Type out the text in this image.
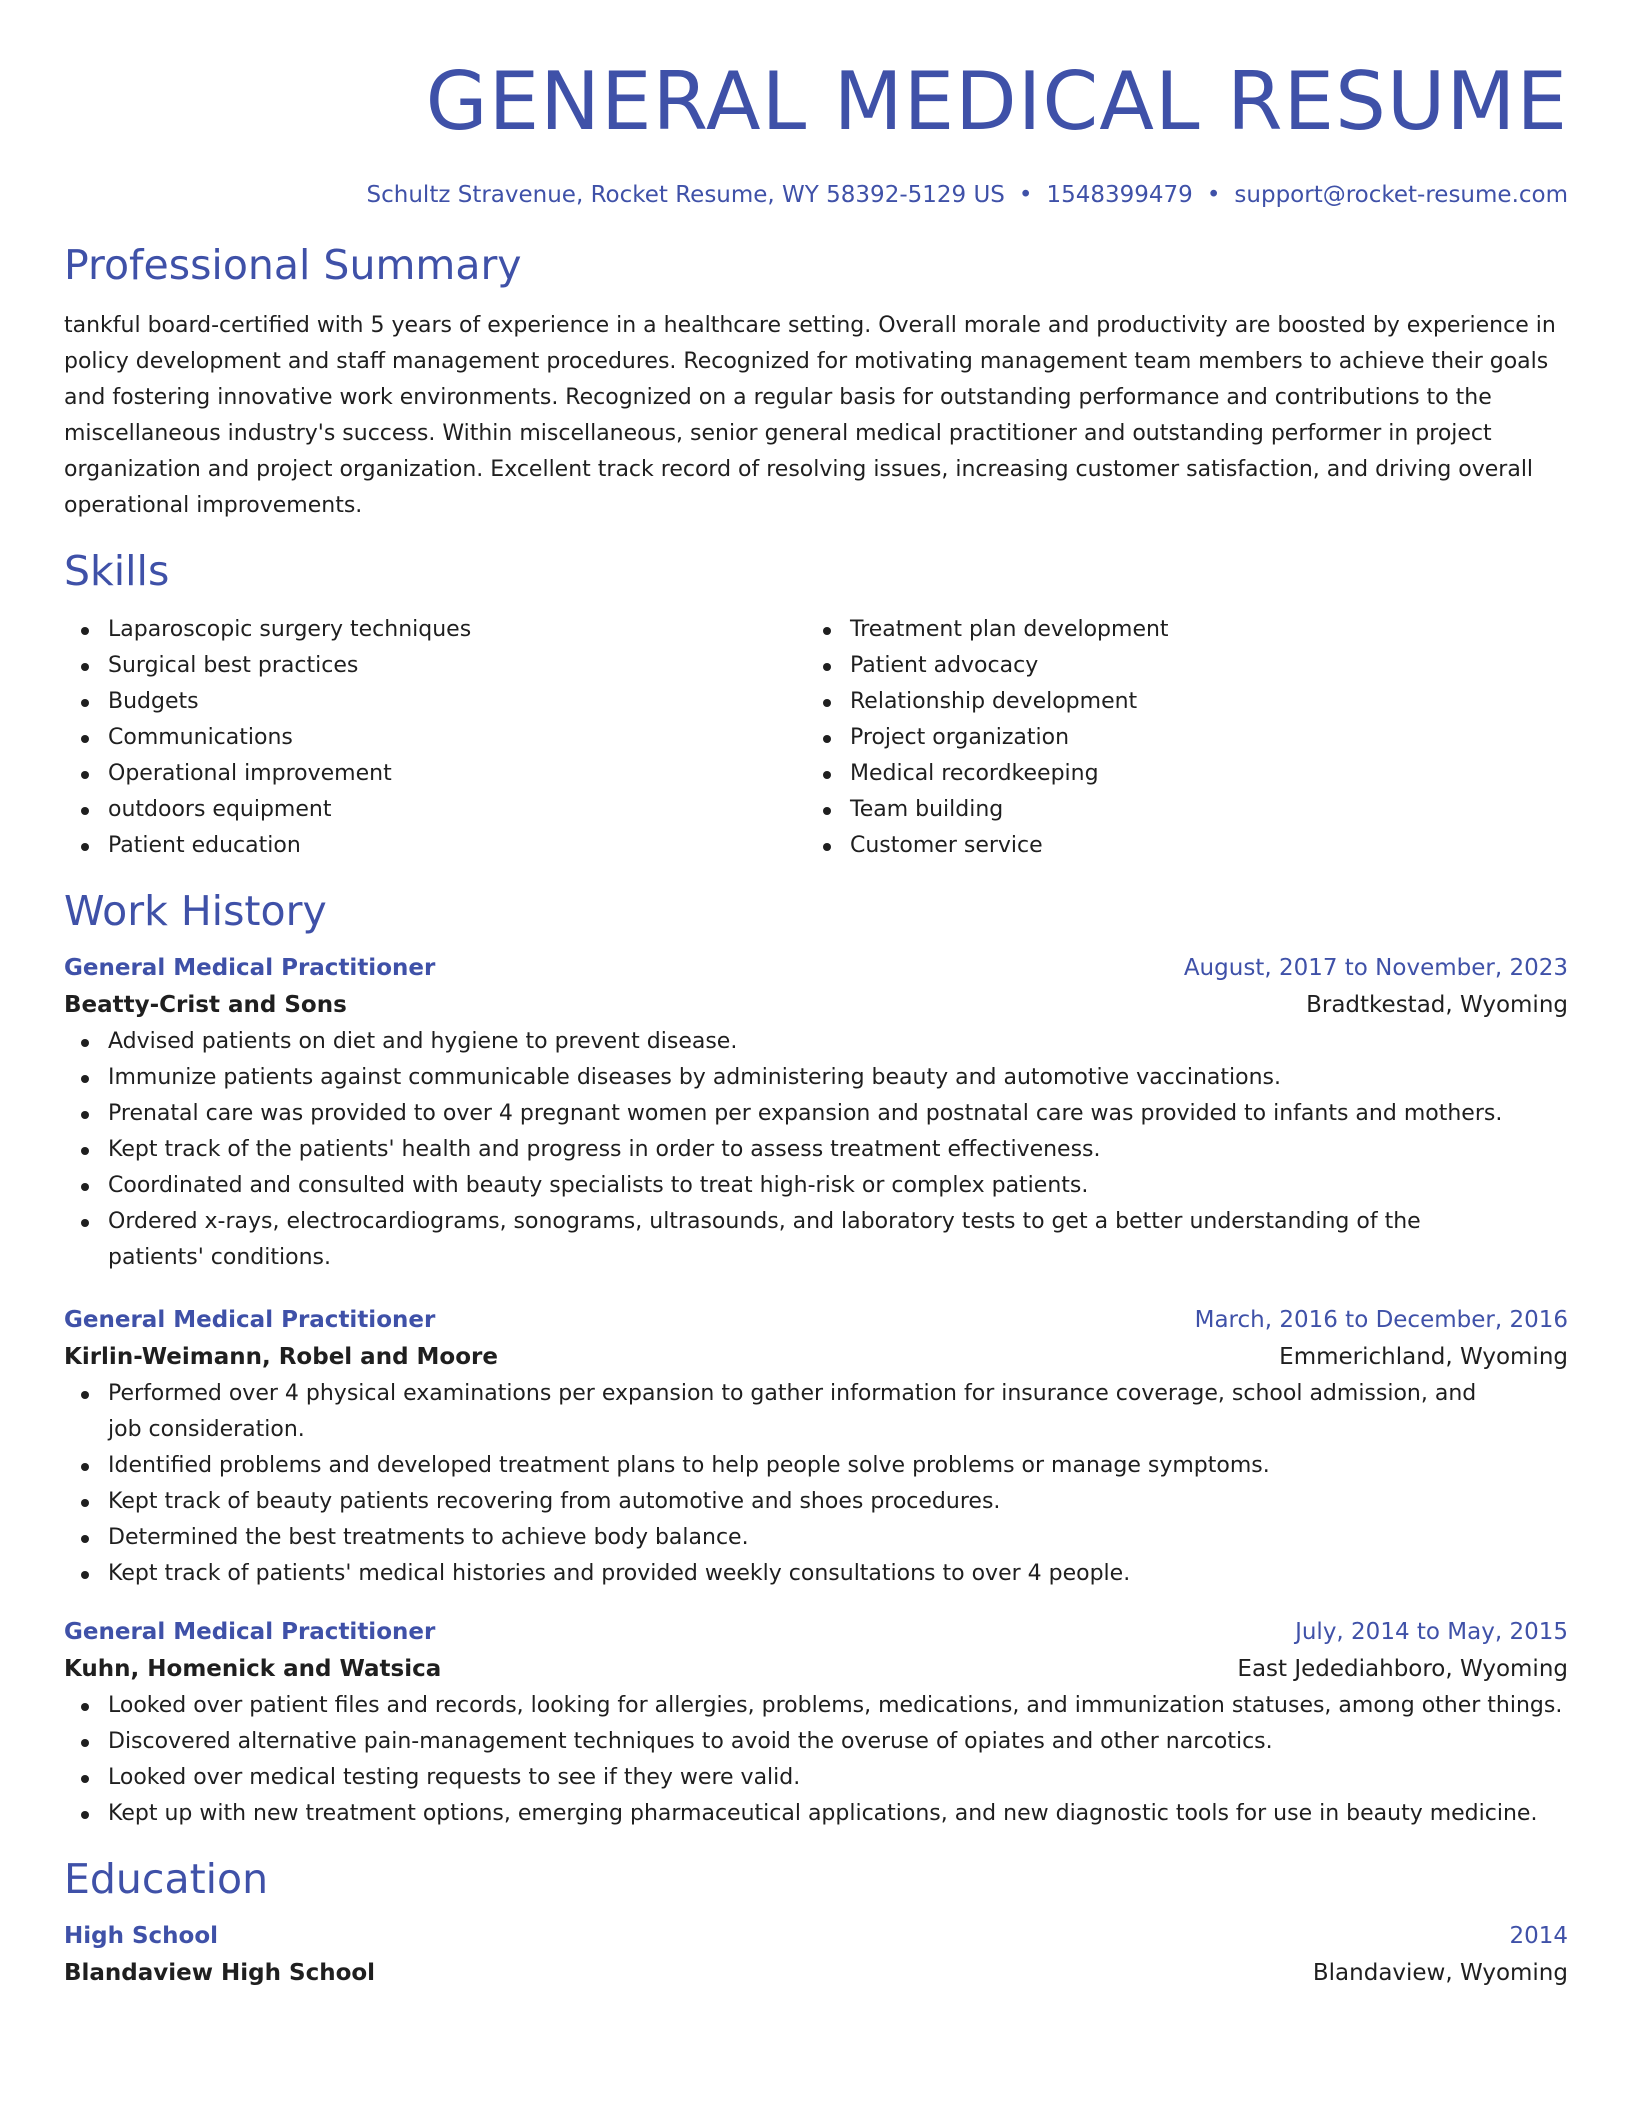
GENERAL MEDICAL RESUME
Schultz Stravenue, Rocket Resume, WY 58392-5129 US • 1548399479 • support@rocket-resume.com
Professional Summary

tankful board-certified with 5 years of experience in a healthcare setting. Overall morale and productivity are boosted by experience in policy development and staff management procedures. Recognized for motivating management team members to achieve their goals and fostering innovative work environments. Recognized on a regular basis for outstanding performance and contributions to the miscellaneous industry's success. Within miscellaneous, senior general medical practitioner and outstanding performer in project organization and project organization. Excellent track record of resolving issues, increasing customer satisfaction, and driving overall operational improvements.

Skills
Laparoscopic surgery techniques
Surgical best practices
Budgets
Communications
Operational improvement
outdoors equipment
Patient education
Treatment plan development
Patient advocacy
Relationship development
Project organization
Medical recordkeeping
Team building
Customer service
Work History
General Medical Practitioner	August, 2017 to November, 2023
Beatty-Crist and Sons	Bradtkestad, Wyoming
Advised patients on diet and hygiene to prevent disease.
Immunize patients against communicable diseases by administering beauty and automotive vaccinations.
Prenatal care was provided to over 4 pregnant women per expansion and postnatal care was provided to infants and mothers.
Kept track of the patients' health and progress in order to assess treatment effectiveness.
Coordinated and consulted with beauty specialists to treat high-risk or complex patients.
Ordered x-rays, electrocardiograms, sonograms, ultrasounds, and laboratory tests to get a better understanding of the patients' conditions.
General Medical Practitioner	March, 2016 to December, 2016
Kirlin-Weimann, Robel and Moore	Emmerichland, Wyoming
Performed over 4 physical examinations per expansion to gather information for insurance coverage, school admission, and job consideration.
Identified problems and developed treatment plans to help people solve problems or manage symptoms.
Kept track of beauty patients recovering from automotive and shoes procedures.
Determined the best treatments to achieve body balance.
Kept track of patients' medical histories and provided weekly consultations to over 4 people.
General Medical Practitioner	July, 2014 to May, 2015
Kuhn, Homenick and Watsica	East Jedediahboro, Wyoming
Looked over patient files and records, looking for allergies, problems, medications, and immunization statuses, among other things.
Discovered alternative pain-management techniques to avoid the overuse of opiates and other narcotics.
Looked over medical testing requests to see if they were valid.
Kept up with new treatment options, emerging pharmaceutical applications, and new diagnostic tools for use in beauty medicine.
Education
High School	2014
Blandaview High School	Blandaview, Wyoming
